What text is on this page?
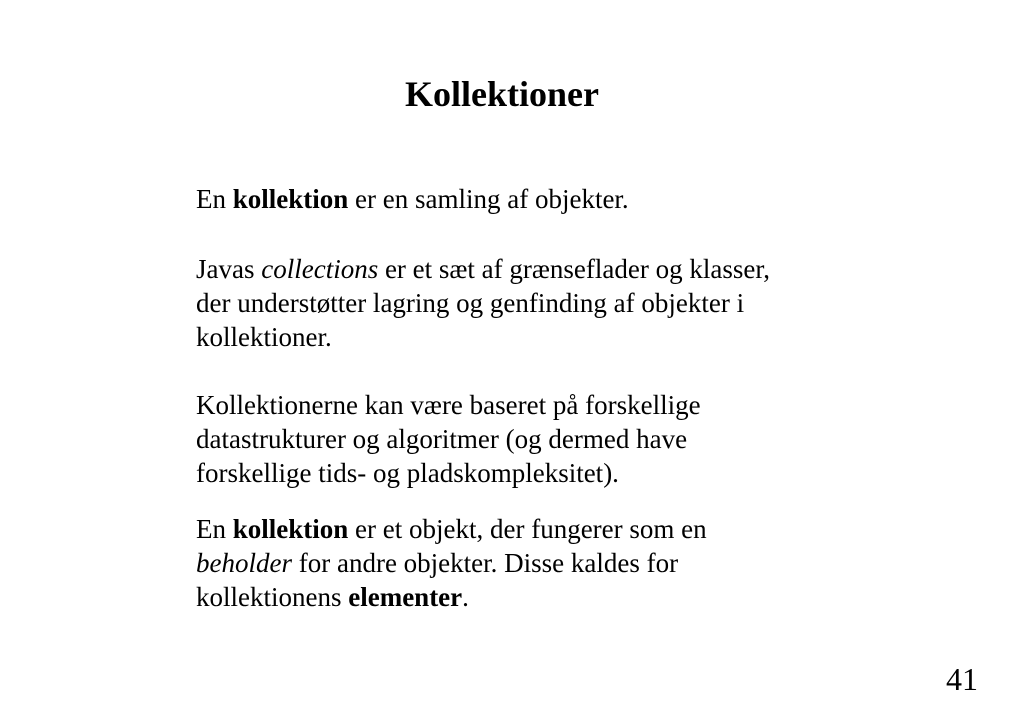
Kollektioner
En kollektion er en samling af objekter.
Javas collections er et sæt af grænseflader og klasser,
der understøtter lagring og genfinding af objekter i
kollektioner.
Kollektionerne kan være baseret på forskellige
datastrukturer og algoritmer (og dermed have
forskellige tids- og pladskompleksitet).
En kollektion er et objekt, der fungerer som en
beholder for andre objekter. Disse kaldes for
kollektionens elementer.
41
